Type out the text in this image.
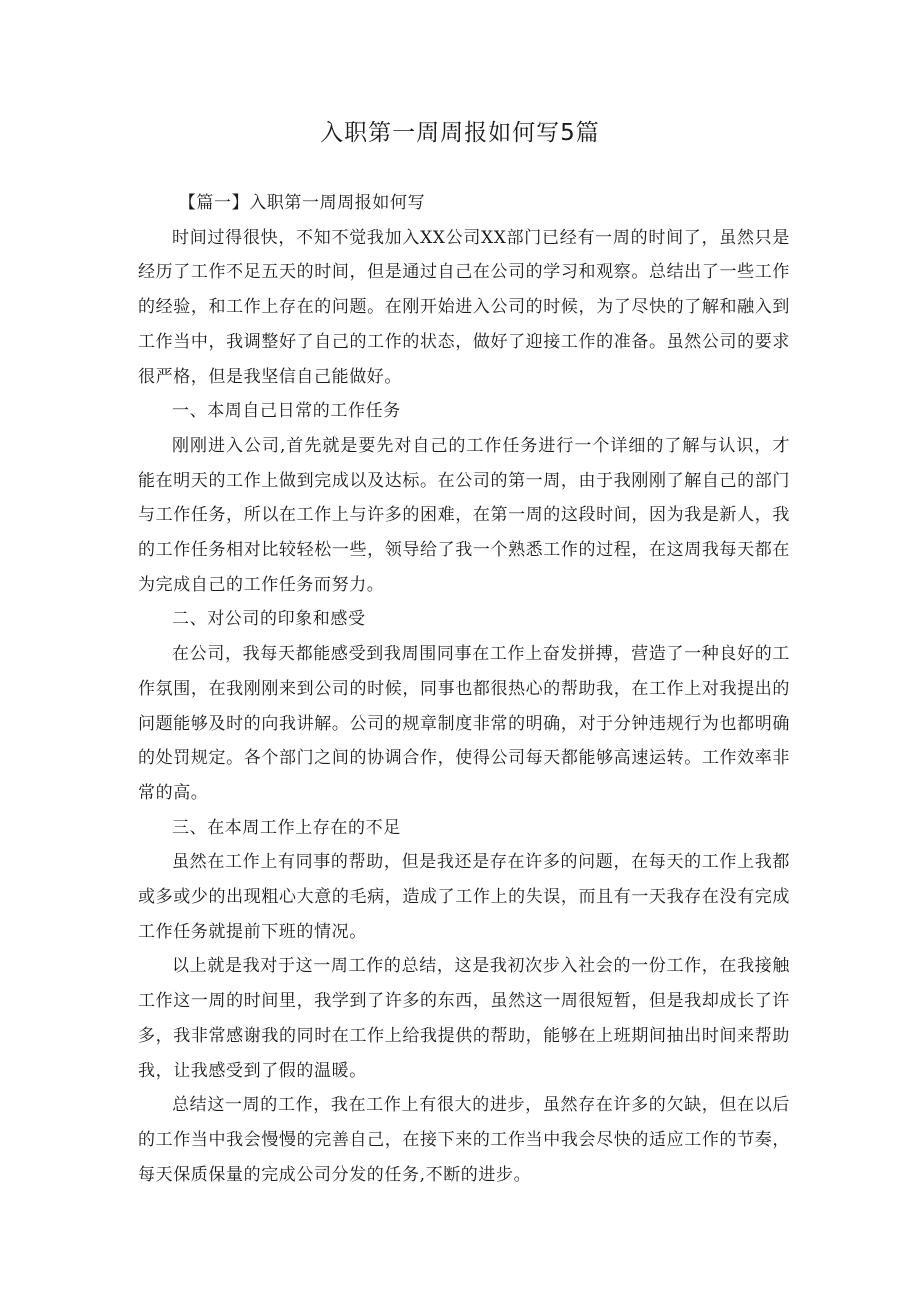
入职第一周周报如何写5篇

【篇一】入职第一周周报如何写

时间过得很快，不知不觉我加入XX公司XX部门已经有一周的时间了，虽然只是经历了工作不足五天的时间，但是通过自己在公司的学习和观察。总结出了一些工作的经验，和工作上存在的问题。在刚开始进入公司的时候，为了尽快的了解和融入到工作当中，我调整好了自己的工作的状态，做好了迎接工作的准备。虽然公司的要求很严格，但是我坚信自己能做好。

一、本周自己日常的工作任务

刚刚进入公司,首先就是要先对自己的工作任务进行一个详细的了解与认识，才能在明天的工作上做到完成以及达标。在公司的第一周，由于我刚刚了解自己的部门与工作任务，所以在工作上与许多的困难，在第一周的这段时间，因为我是新人，我的工作任务相对比较轻松一些，领导给了我一个熟悉工作的过程，在这周我每天都在为完成自己的工作任务而努力。

二、对公司的印象和感受

在公司，我每天都能感受到我周围同事在工作上奋发拼搏，营造了一种良好的工作氛围，在我刚刚来到公司的时候，同事也都很热心的帮助我，在工作上对我提出的问题能够及时的向我讲解。公司的规章制度非常的明确，对于分钟违规行为也都明确的处罚规定。各个部门之间的协调合作，使得公司每天都能够高速运转。工作效率非常的高。

三、在本周工作上存在的不足

虽然在工作上有同事的帮助，但是我还是存在许多的问题，在每天的工作上我都或多或少的出现粗心大意的毛病，造成了工作上的失误，而且有一天我存在没有完成工作任务就提前下班的情况。

以上就是我对于这一周工作的总结，这是我初次步入社会的一份工作，在我接触工作这一周的时间里，我学到了许多的东西，虽然这一周很短暂，但是我却成长了许多，我非常感谢我的同时在工作上给我提供的帮助，能够在上班期间抽出时间来帮助我，让我感受到了假的温暖。

总结这一周的工作，我在工作上有很大的进步，虽然存在许多的欠缺，但在以后的工作当中我会慢慢的完善自己，在接下来的工作当中我会尽快的适应工作的节奏，每天保质保量的完成公司分发的任务,不断的进步。
